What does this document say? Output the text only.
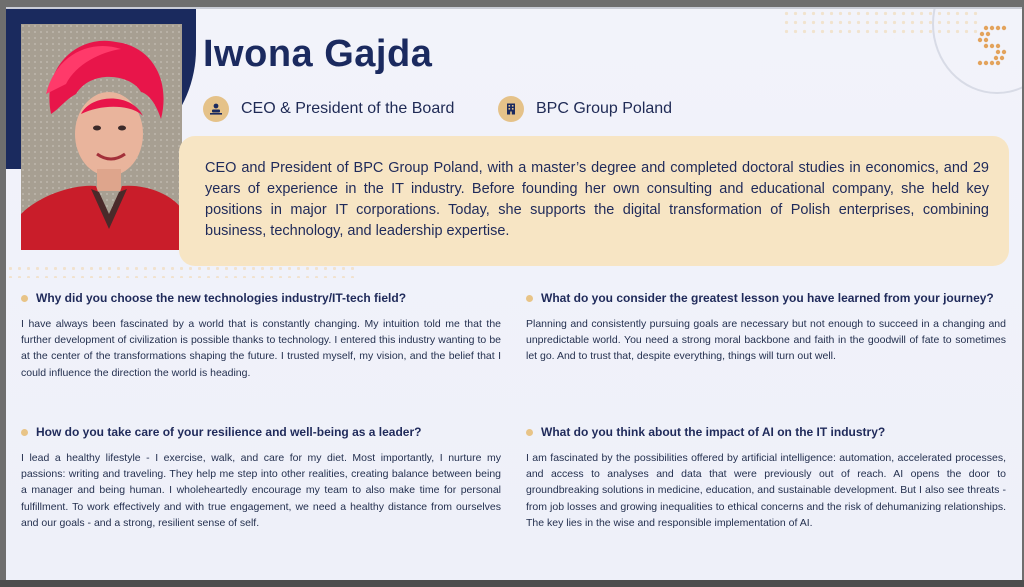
Iwona Gajda
CEO & President of the Board	BPC Group Poland

CEO and President of BPC Group Poland, with a master’s degree and completed doctoral studies in economics, and 29 years of experience in the IT industry. Before founding her own consulting and educational company, she held key positions in major IT corporations. Today, she supports the digital transformation of Polish enterprises, combining business, technology, and leadership expertise.

Why did you choose the new technologies industry/IT-tech field?

I have always been fascinated by a world that is constantly changing. My intuition told me that the further development of civilization is possible thanks to technology. I entered this industry wanting to be at the center of the transformations shaping the future. I trusted myself, my vision, and the belief that I could influence the direction the world is heading.

What do you consider the greatest lesson you have learned from your journey?

Planning and consistently pursuing goals are necessary but not enough to succeed in a changing and unpredictable world. You need a strong moral backbone and faith in the goodwill of fate to sometimes let go. And to trust that, despite everything, things will turn out well.

How do you take care of your resilience and well-being as a leader?

I lead a healthy lifestyle - I exercise, walk, and care for my diet. Most importantly, I nurture my passions: writing and traveling. They help me step into other realities, creating balance between being a manager and being human. I wholeheartedly encourage my team to also make time for personal fulfillment. To work effectively and with true engagement, we need a healthy distance from ourselves and our goals - and a strong, resilient sense of self.

What do you think about the impact of AI on the IT industry?

I am fascinated by the possibilities offered by artificial intelligence: automation, accelerated processes, and access to analyses and data that were previously out of reach. AI opens the door to groundbreaking solutions in medicine, education, and sustainable development. But I also see threats - from job losses and growing inequalities to ethical concerns and the risk of dehumanizing relationships. The key lies in the wise and responsible implementation of AI.
